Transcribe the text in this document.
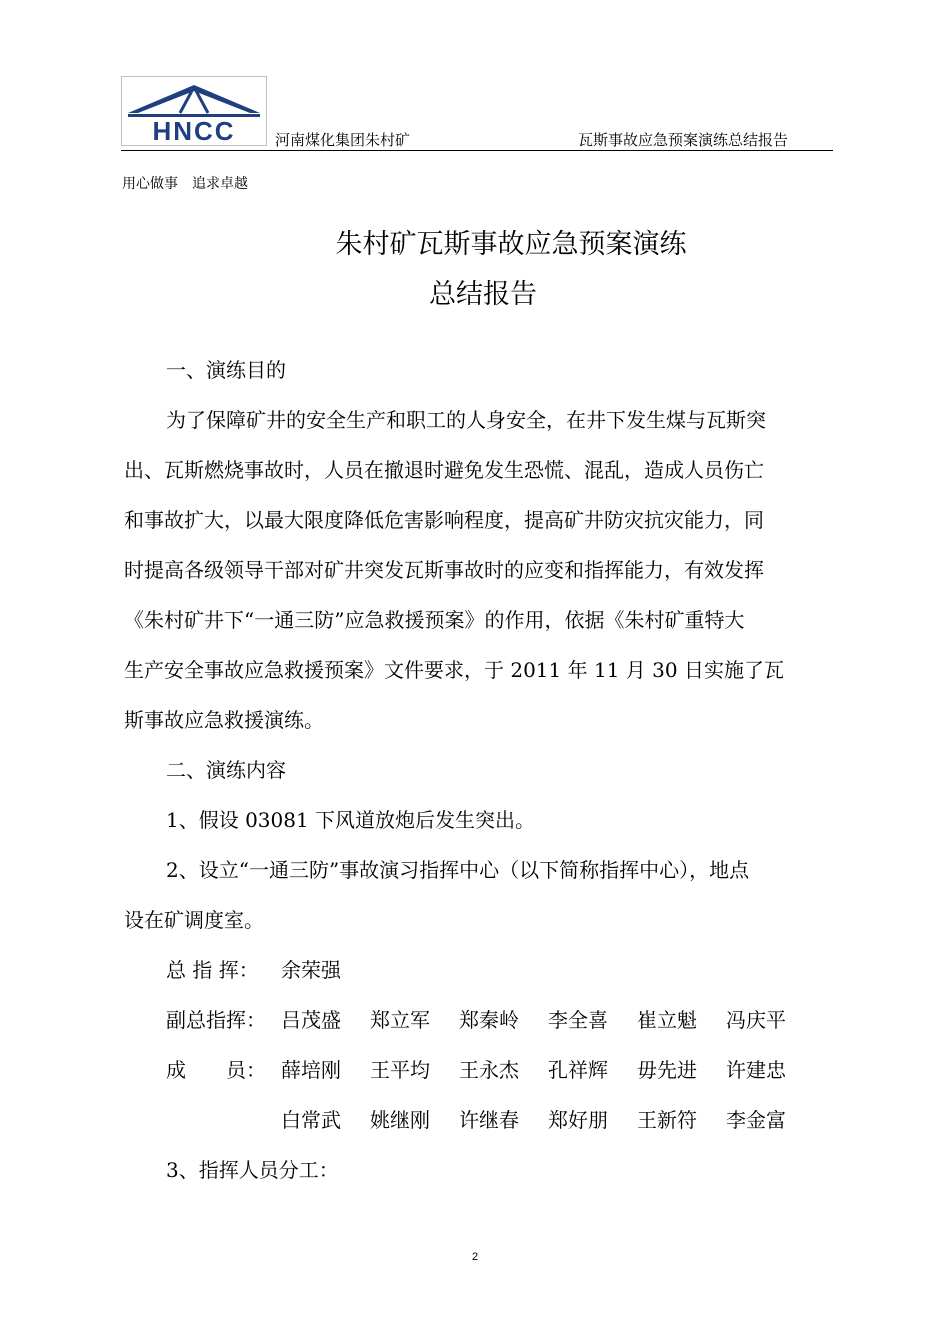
HNCC	河南煤化集团朱村矿	瓦斯事故应急预案演练总结报告
用心做事　追求卓越
朱村矿瓦斯事故应急预案演练
总结报告
一、演练目的
为了保障矿井的安全生产和职工的人身安全，在井下发生煤与瓦斯突
出、瓦斯燃烧事故时，人员在撤退时避免发生恐慌、混乱，造成人员伤亡
和事故扩大，以最大限度降低危害影响程度，提高矿井防灾抗灾能力，同
时提高各级领导干部对矿井突发瓦斯事故时的应变和指挥能力，有效发挥
《朱村矿井下“一通三防”应急救援预案》的作用，依据《朱村矿重特大
生产安全事故应急救援预案》文件要求，于 2011 年 11 月 30 日实施了瓦
斯事故应急救援演练。
二、演练内容
1、假设 03081 下风道放炮后发生突出。
2、设立“一通三防”事故演习指挥中心（以下简称指挥中心），地点
设在矿调度室。
总 指 挥： 余荣强
副总指挥： 吕茂盛 郑立军 郑秦岭 李全喜 崔立魁 冯庆平
成　　员： 薛培刚 王平均 王永杰 孔祥辉 毋先进 许建忠
白常武 姚继刚 许继春 郑好朋 王新符 李金富
3、指挥人员分工：
2
